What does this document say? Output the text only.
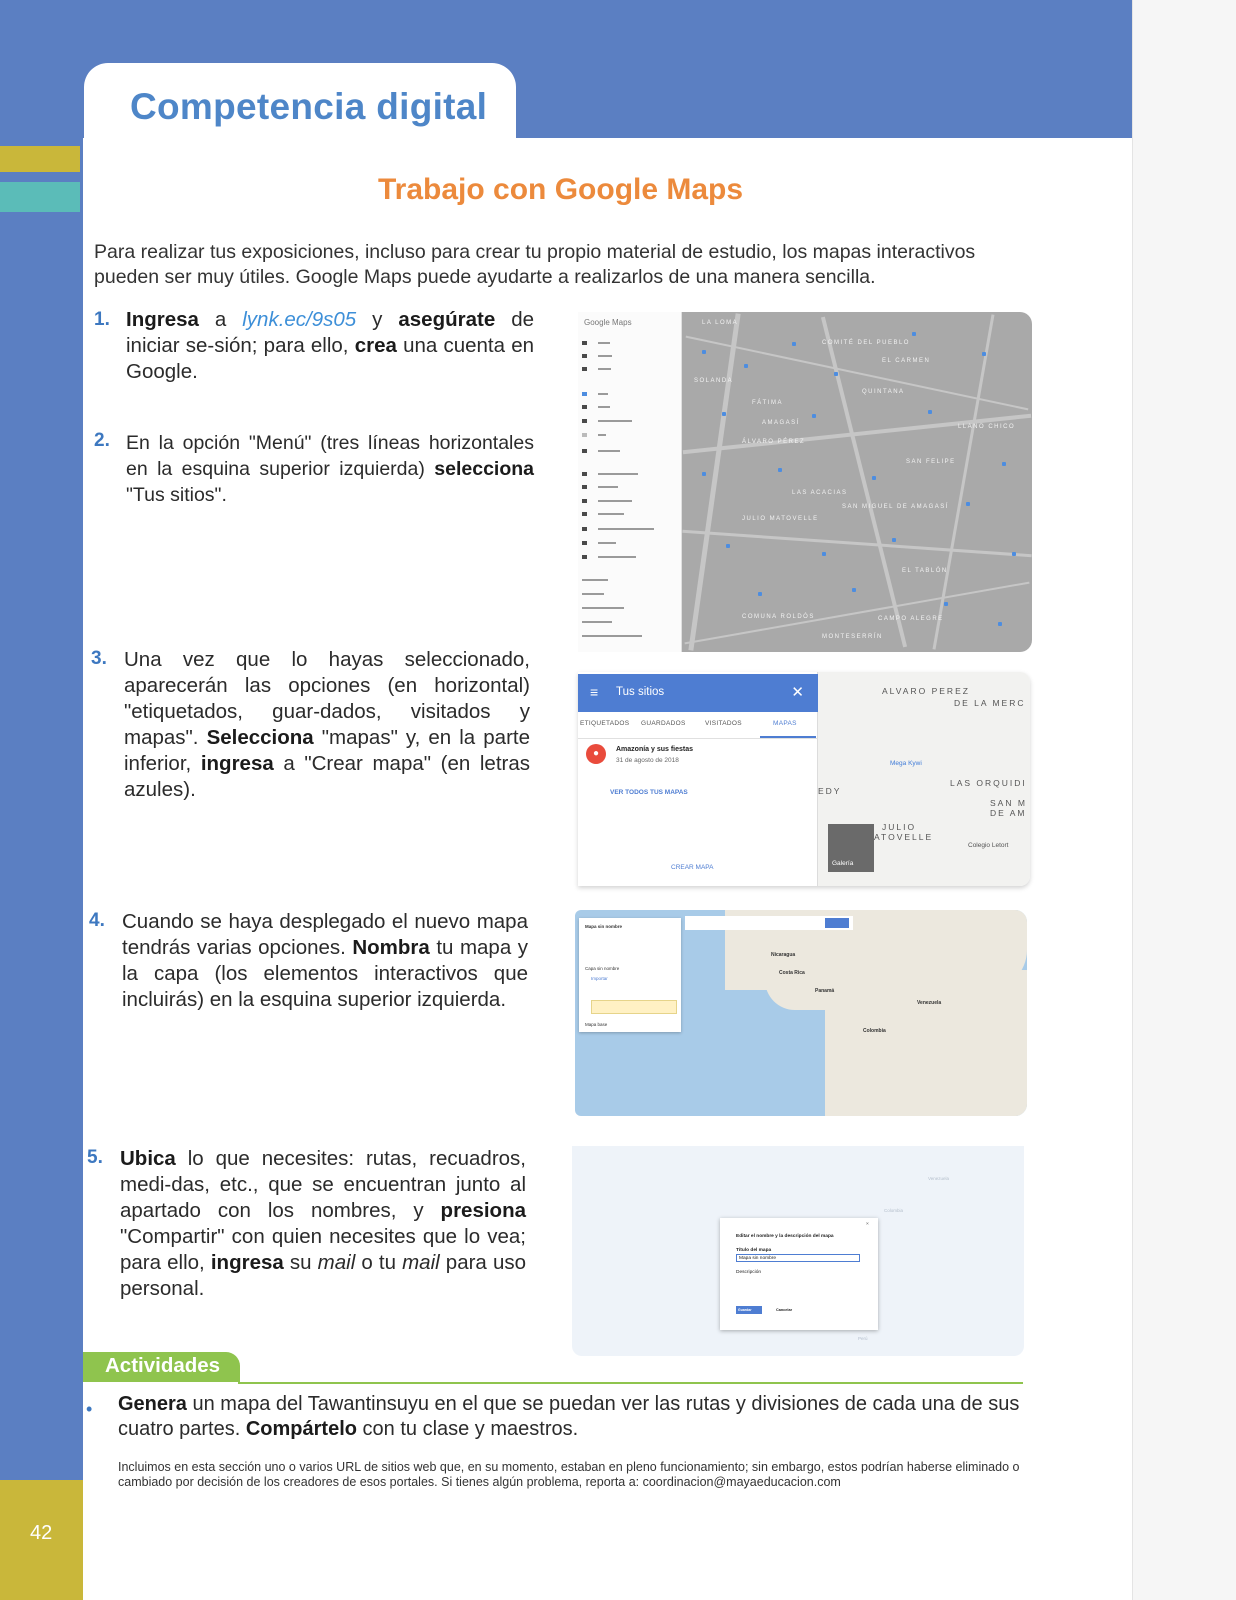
42
Competencia digital
Trabajo con Google Maps

Para realizar tus exposiciones, incluso para crear tu propio material de estudio, los mapas interactivos pueden ser muy útiles. Google Maps puede ayudarte a realizarlos de una manera sencilla.

1. Ingresa a lynk.ec/9s05 y asegúrate de iniciar se-sión; para ello, crea una cuenta en Google.

2. En la opción "Menú" (tres líneas horizontales en la esquina superior izquierda) selecciona "Tus sitios".

3. Una vez que lo hayas seleccionado, aparecerán las opciones (en horizontal) "etiquetados, guar-dados, visitados y mapas". Selecciona "mapas" y, en la parte inferior, ingresa a "Crear mapa" (en letras azules).

4. Cuando se haya desplegado el nuevo mapa tendrás varias opciones. Nombra tu mapa y la capa (los elementos interactivos que incluirás) en la esquina superior izquierda.

5. Ubica lo que necesites: rutas, recuadros, medi-das, etc., que se encuentran junto al apartado con los nombres, y presiona "Compartir" con quien necesites que lo vea; para ello, ingresa su mail o tu mail para uso personal.

Google Maps	LA LOMA
COMITÉ DEL PUEBLO
EL CARMEN
SOLANDA
FÁTIMA
AMAGASÍ
QUINTANA
LLANO CHICO
ÁLVARO PÉREZ
SAN FELIPE
LAS ACACIAS
SAN MIGUEL DE AMAGASÍ
JULIO MATOVELLE
COMUNA ROLDÓS
EL TABLÓN
MONTESERRÍN
CAMPO ALEGRE
≡ Tus sitios	✕
ETIQUETADOS GUARDADOS	VISITADOS	MAPAS
●	Amazonía y sus fiestas
31 de agosto de 2018
VER TODOS TUS MAPAS
CREAR MAPA
ALVARO PEREZ
DE LA MERC
Mega Kywi
LAS ORQUIDI
SAN M
DE AM
JULIO
ATOVELLE
Colegio Letort
EDY
Galería
Mapa sin nombre
Capa sin nombre
Importar
Mapa base
Venezuela
Colombia
Panamá
Costa Rica
Nicaragua
Venezuela
Colombia
Perú
Editar el nombre y la descripción del mapa
×
Título del mapa
Mapa sin nombre
Descripción
Guardar	Cancelar
Actividades
• Genera un mapa del Tawantinsuyu en el que se puedan ver las rutas y divisiones de cada una de sus cuatro partes. Compártelo con tu clase y maestros.

Incluimos en esta sección uno o varios URL de sitios web que, en su momento, estaban en pleno funcionamiento; sin embargo, estos podrían haberse eliminado o cambiado por decisión de los creadores de esos portales. Si tienes algún problema, reporta a: coordinacion@mayaeducacion.com
